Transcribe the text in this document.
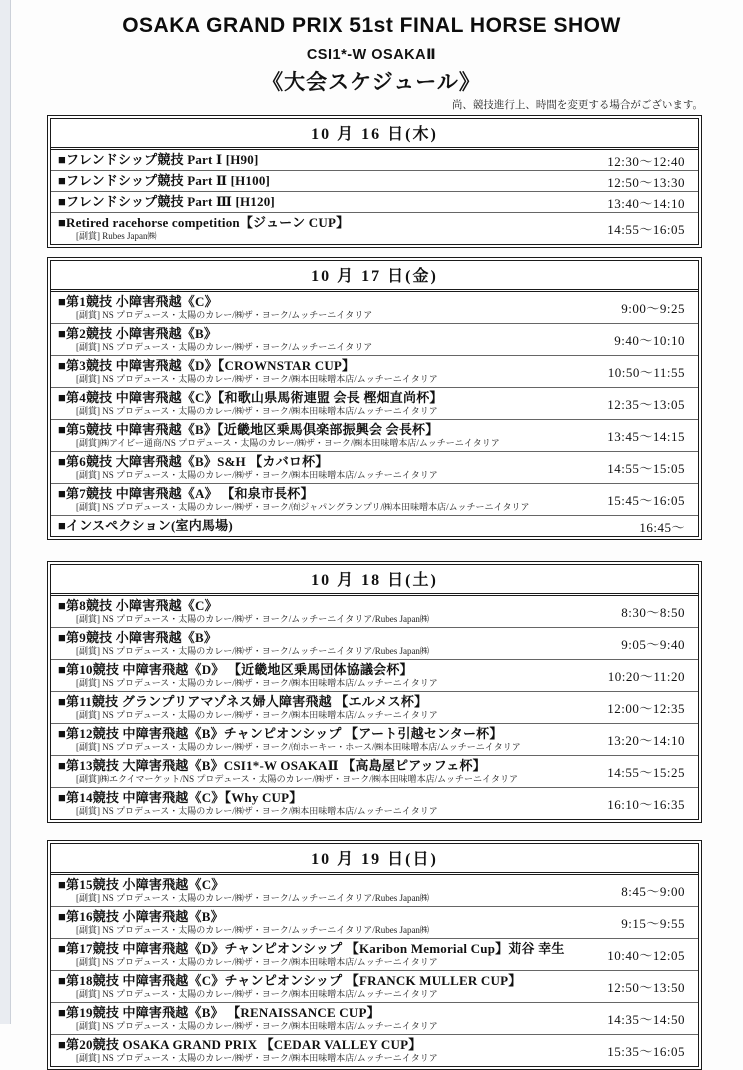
OSAKA GRAND PRIX 51st FINAL HORSE SHOW
CSI1*-W OSAKAⅡ
《大会スケジュール》
尚、競技進行上、時間を変更する場合がございます。
10 月 16 日(木)
■フレンドシップ競技 Part Ⅰ [H90]	12:30～12:40
■フレンドシップ競技 Part Ⅱ [H100]	12:50～13:30
■フレンドシップ競技 Part Ⅲ [H120]	13:40～14:10
■Retired racehorse competition【ジューン CUP】
[副賞] Rubes Japan㈱	14:55～16:05
10 月 17 日(金)
■第1競技 小障害飛越《C》
[副賞] NS プロデュース・太陽のカレー/㈱ザ・ヨーク/ムッチーニイタリア	9:00～9:25
■第2競技 小障害飛越《B》
[副賞] NS プロデュース・太陽のカレー/㈱ザ・ヨーク/ムッチーニイタリア	9:40～10:10
■第3競技 中障害飛越《D》【CROWNSTAR CUP】
[副賞] NS プロデュース・太陽のカレー/㈱ザ・ヨーク/㈱本田味噌本店/ムッチーニイタリア	10:50～11:55
■第4競技 中障害飛越《C》【和歌山県馬術連盟 会長 樫畑直尚杯】
[副賞] NS プロデュース・太陽のカレー/㈱ザ・ヨーク/㈱本田味噌本店/ムッチーニイタリア	12:35～13:05
■第5競技 中障害飛越《B》【近畿地区乗馬倶楽部振興会 会長杯】
[副賞]㈱アイビー通商/NS プロデュース・太陽のカレー/㈱ザ・ヨーク/㈱本田味噌本店/ムッチーニイタリア	13:45～14:15
■第6競技 大障害飛越《B》S&H 【カバロ杯】
[副賞] NS プロデュース・太陽のカレー/㈱ザ・ヨーク/㈱本田味噌本店/ムッチーニイタリア	14:55～15:05
■第7競技 中障害飛越《A》 【和泉市長杯】
[副賞] NS プロデュース・太陽のカレー/㈱ザ・ヨーク/㈲ジャパングランプリ/㈱本田味噌本店/ムッチーニイタリア	15:45～16:05
■インスペクション(室内馬場)	16:45～
10 月 18 日(土)
■第8競技 小障害飛越《C》
[副賞] NS プロデュース・太陽のカレー/㈱ザ・ヨーク/ムッチーニイタリア/Rubes Japan㈱	8:30～8:50
■第9競技 小障害飛越《B》
[副賞] NS プロデュース・太陽のカレー/㈱ザ・ヨーク/ムッチーニイタリア/Rubes Japan㈱	9:05～9:40
■第10競技 中障害飛越《D》 【近畿地区乗馬団体協議会杯】
[副賞] NS プロデュース・太陽のカレー/㈱ザ・ヨーク/㈱本田味噌本店/ムッチーニイタリア	10:20～11:20
■第11競技 グランプリアマゾネス婦人障害飛越 【エルメス杯】
[副賞] NS プロデュース・太陽のカレー/㈱ザ・ヨーク/㈱本田味噌本店/ムッチーニイタリア	12:00～12:35
■第12競技 中障害飛越《B》チャンピオンシップ 【アート引越センター杯】
[副賞] NS プロデュース・太陽のカレー/㈱ザ・ヨーク/㈲ホーキー・ホース/㈱本田味噌本店/ムッチーニイタリア	13:20～14:10
■第13競技 大障害飛越《B》CSI1*-W OSAKAⅡ 【高島屋ピアッフェ杯】
[副賞]㈱エクイマーケット/NS プロデュース・太陽のカレー/㈱ザ・ヨーク/㈱本田味噌本店/ムッチーニイタリア	14:55～15:25
■第14競技 中障害飛越《C》【Why CUP】
[副賞] NS プロデュース・太陽のカレー/㈱ザ・ヨーク/㈱本田味噌本店/ムッチーニイタリア	16:10～16:35
10 月 19 日(日)
■第15競技 小障害飛越《C》
[副賞] NS プロデュース・太陽のカレー/㈱ザ・ヨーク/ムッチーニイタリア/Rubes Japan㈱	8:45～9:00
■第16競技 小障害飛越《B》
[副賞] NS プロデュース・太陽のカレー/㈱ザ・ヨーク/ムッチーニイタリア/Rubes Japan㈱	9:15～9:55
■第17競技 中障害飛越《D》チャンピオンシップ 【Karibon Memorial Cup】苅谷 幸生
[副賞] NS プロデュース・太陽のカレー/㈱ザ・ヨーク/㈱本田味噌本店/ムッチーニイタリア	10:40～12:05
■第18競技 中障害飛越《C》チャンピオンシップ 【FRANCK MULLER CUP】
[副賞] NS プロデュース・太陽のカレー/㈱ザ・ヨーク/㈱本田味噌本店/ムッチーニイタリア	12:50～13:50
■第19競技 中障害飛越《B》 【RENAISSANCE CUP】
[副賞] NS プロデュース・太陽のカレー/㈱ザ・ヨーク/㈱本田味噌本店/ムッチーニイタリア	14:35～14:50
■第20競技 OSAKA GRAND PRIX 【CEDAR VALLEY CUP】
[副賞] NS プロデュース・太陽のカレー/㈱ザ・ヨーク/㈱本田味噌本店/ムッチーニイタリア	15:35～16:05
